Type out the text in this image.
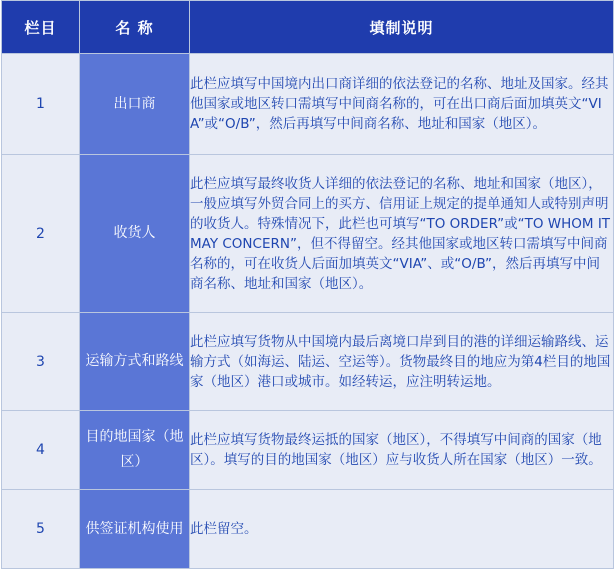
栏目	名 称	填制说明
1	出口商	此栏应填写中国境内出口商详细的依法登记的名称、地址及国家。经其他国家或地区转口需填写中间商名称的，可在出口商后面加填英文“VIA”或“O/B”，然后再填写中间商名称、地址和国家（地区）。
2	收货人	此栏应填写最终收货人详细的依法登记的名称、地址和国家（地区），一般应填写外贸合同上的买方、信用证上规定的提单通知人或特别声明的收货人。特殊情况下，此栏也可填写“TO ORDER”或“TO WHOM IT MAY CONCERN”，但不得留空。经其他国家或地区转口需填写中间商名称的，可在收货人后面加填英文“VIA”、或“O/B”，然后再填写中间商名称、地址和国家（地区）。
3	运输方式和路线	此栏应填写货物从中国境内最后离境口岸到目的港的详细运输路线、运输方式（如海运、陆运、空运等）。货物最终目的地应为第4栏目的地国家（地区）港口或城市。如经转运，应注明转运地。
4	目的地国家（地区）	此栏应填写货物最终运抵的国家（地区），不得填写中间商的国家（地区）。填写的目的地国家（地区）应与收货人所在国家（地区）一致。
5	供签证机构使用	此栏留空。
